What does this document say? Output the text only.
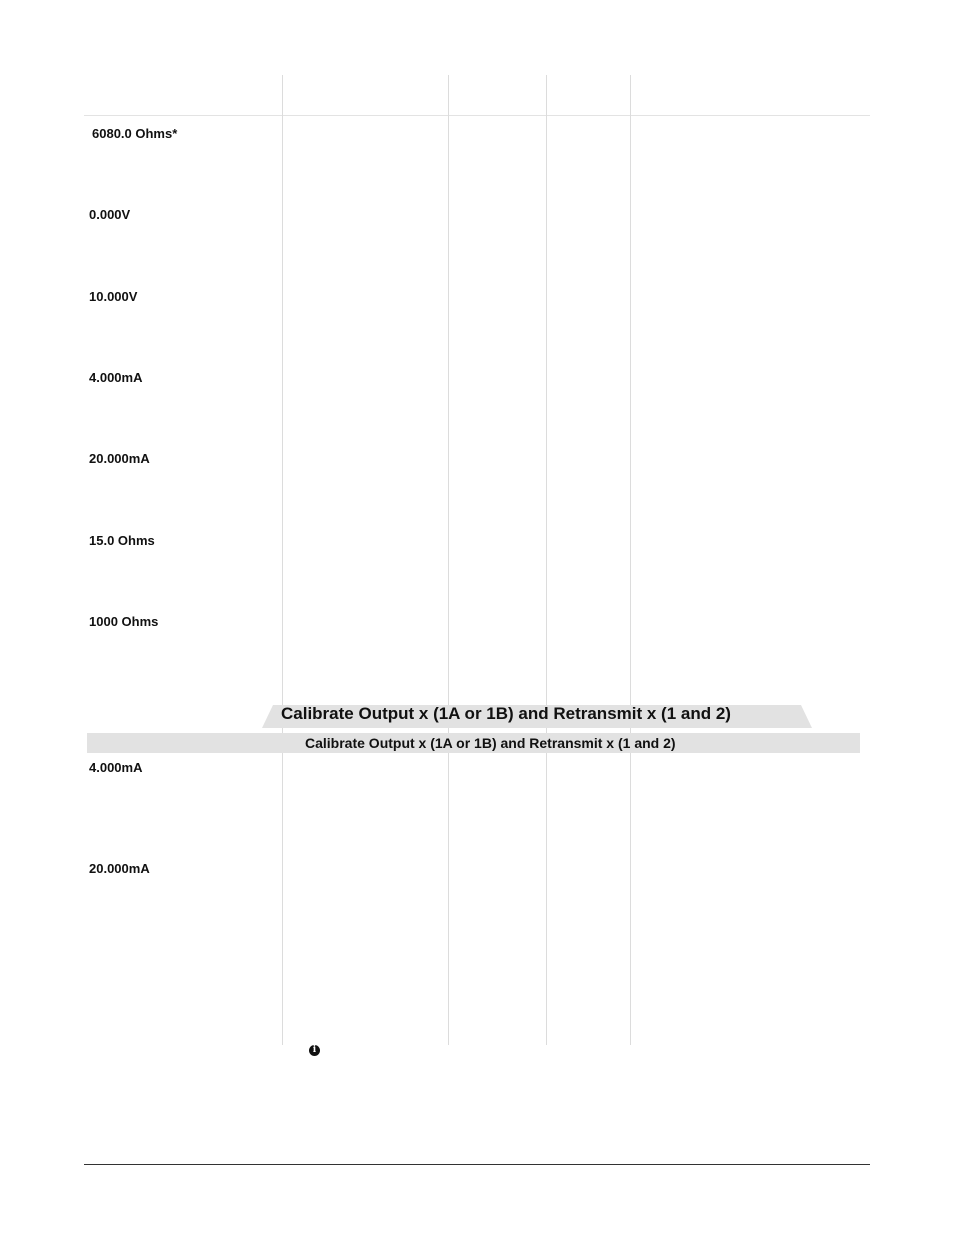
6080.0 Ohms*
0.000V
10.000V
4.000mA
20.000mA
15.0 Ohms
1000 Ohms
Calibrate Output x (1A or 1B) and Retransmit x (1 and 2)
Calibrate Output x (1A or 1B) and Retransmit x (1 and 2)
4.000mA
20.000mA
i
